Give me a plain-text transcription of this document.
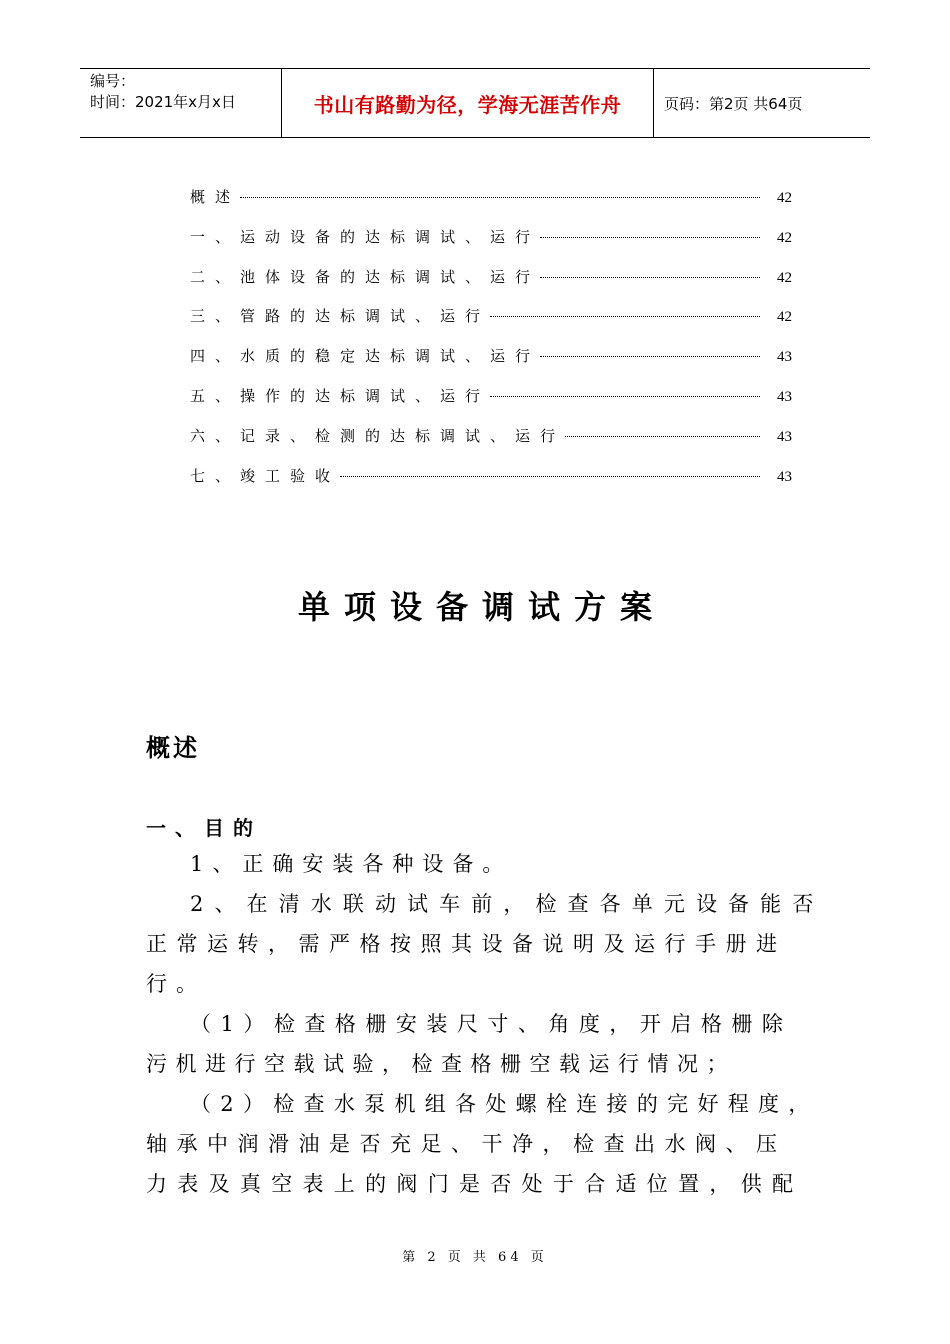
编号：
时间：2021年x月x日	书山有路勤为径，学海无涯苦作舟	页码：第2页 共64页
概述	42
一、运动设备的达标调试、运行	42
二、池体设备的达标调试、运行	42
三、管路的达标调试、运行	42
四、水质的稳定达标调试、运行	43
五、操作的达标调试、运行	43
六、记录、检测的达标调试、运行	43
七、竣工验收	43
单项设备调试方案
概述
一、目的
1、正确安装各种设备。
2、在清水联动试车前，检查各单元设备能否
正常运转，需严格按照其设备说明及运行手册进
行。
（1）检查格栅安装尺寸、角度，开启格栅除
污机进行空载试验，检查格栅空载运行情况；
（2）检查水泵机组各处螺栓连接的完好程度，
轴承中润滑油是否充足、干净，检查出水阀、压
力表及真空表上的阀门是否处于合适位置，供配
第 2 页 共 64 页
